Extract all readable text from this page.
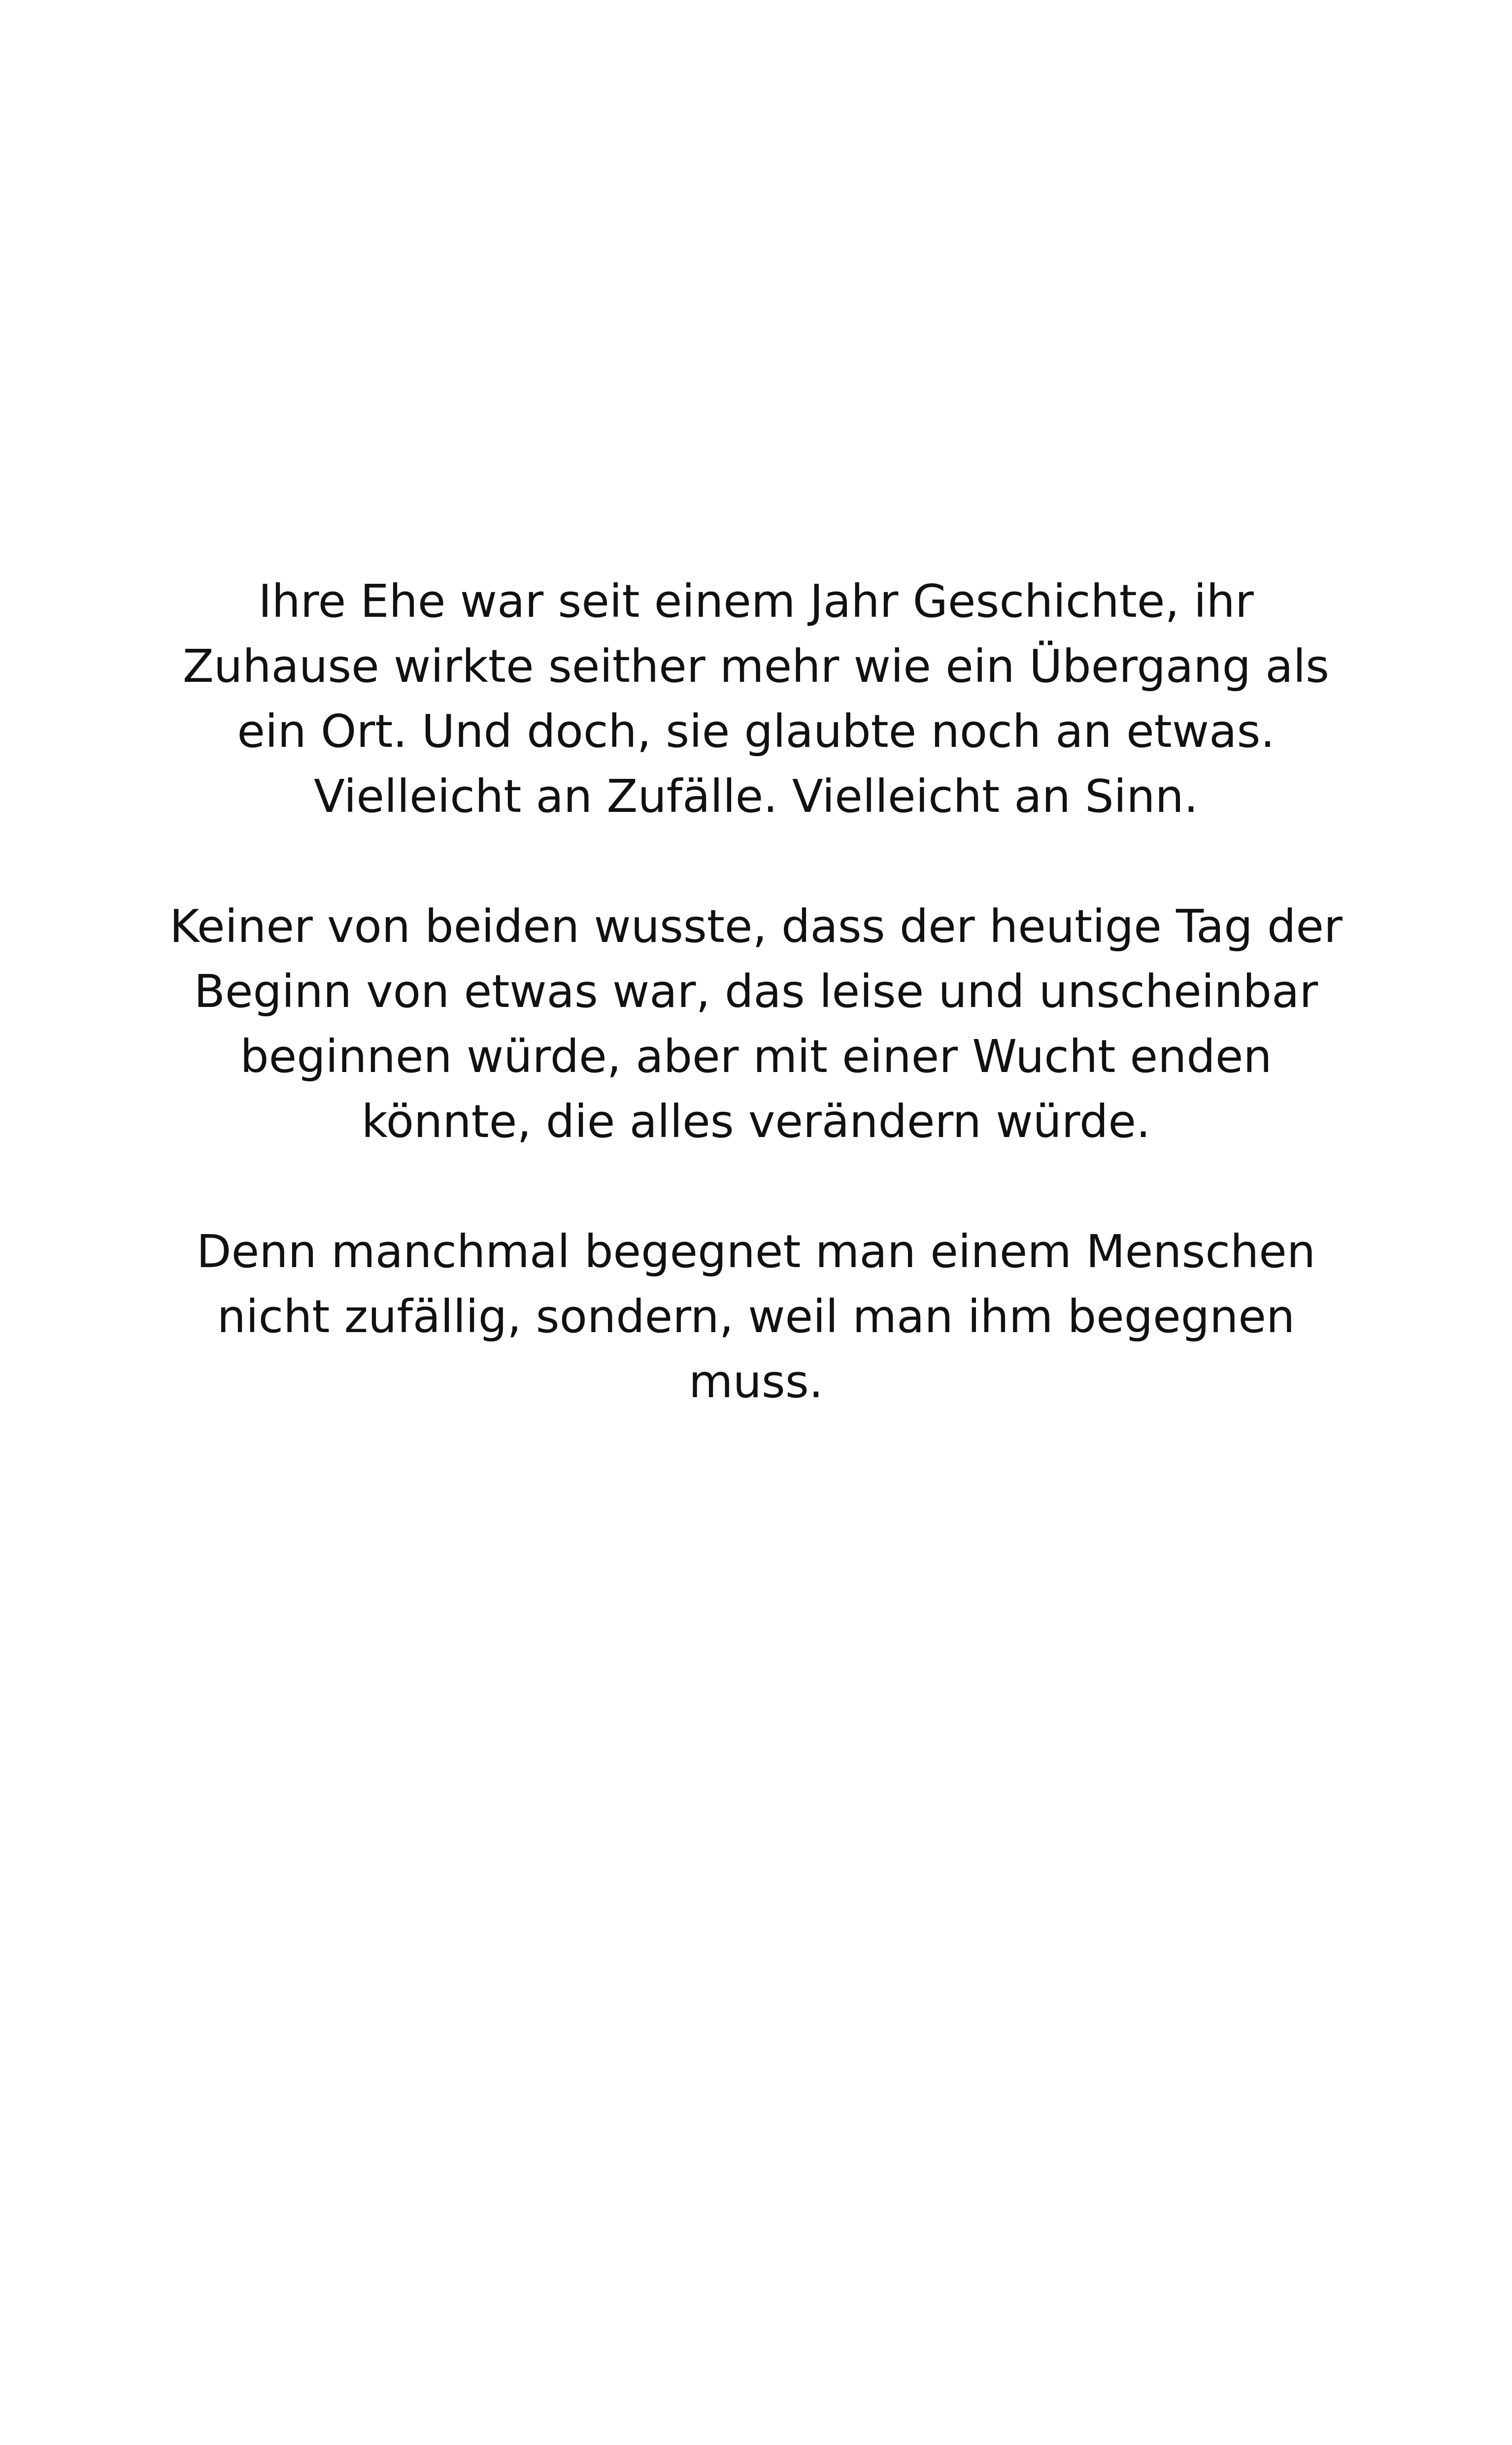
Ihre Ehe war seit einem Jahr Geschichte, ihr
Zuhause wirkte seither mehr wie ein Übergang als
ein Ort. Und doch, sie glaubte noch an etwas.
Vielleicht an Zufälle. Vielleicht an Sinn.

Keiner von beiden wusste, dass der heutige Tag der
Beginn von etwas war, das leise und unscheinbar
beginnen würde, aber mit einer Wucht enden
könnte, die alles verändern würde.

Denn manchmal begegnet man einem Menschen
nicht zufällig, sondern, weil man ihm begegnen
muss.
